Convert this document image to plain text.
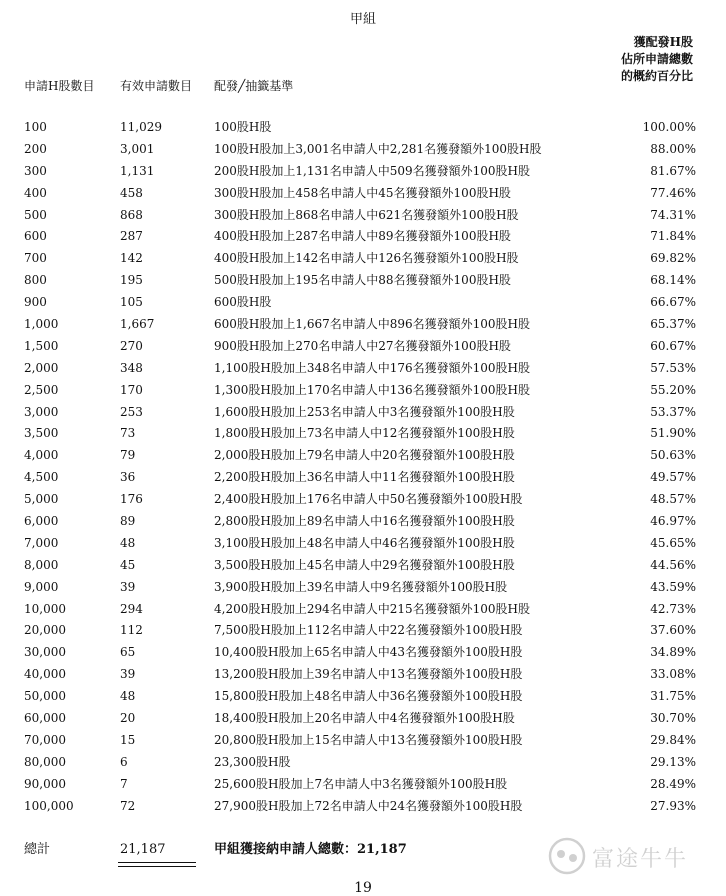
甲組
申請H股數目 有效申請數目 配發╱抽籤基準
獲配發H股
佔所申請總數
的概約百分比
100	11,029	100股H股	100.00%
200	3,001	100股H股加上3,001名申請人中2,281名獲發額外100股H股	88.00%
300	1,131	200股H股加上1,131名申請人中509名獲發額外100股H股	81.67%
400	458	300股H股加上458名申請人中45名獲發額外100股H股	77.46%
500	868	300股H股加上868名申請人中621名獲發額外100股H股	74.31%
600	287	400股H股加上287名申請人中89名獲發額外100股H股	71.84%
700	142	400股H股加上142名申請人中126名獲發額外100股H股	69.82%
800	195	500股H股加上195名申請人中88名獲發額外100股H股	68.14%
900	105	600股H股	66.67%
1,000	1,667	600股H股加上1,667名申請人中896名獲發額外100股H股	65.37%
1,500	270	900股H股加上270名申請人中27名獲發額外100股H股	60.67%
2,000	348	1,100股H股加上348名申請人中176名獲發額外100股H股	57.53%
2,500	170	1,300股H股加上170名申請人中136名獲發額外100股H股	55.20%
3,000	253	1,600股H股加上253名申請人中3名獲發額外100股H股	53.37%
3,500	73	1,800股H股加上73名申請人中12名獲發額外100股H股	51.90%
4,000	79	2,000股H股加上79名申請人中20名獲發額外100股H股	50.63%
4,500	36	2,200股H股加上36名申請人中11名獲發額外100股H股	49.57%
5,000	176	2,400股H股加上176名申請人中50名獲發額外100股H股	48.57%
6,000	89	2,800股H股加上89名申請人中16名獲發額外100股H股	46.97%
7,000	48	3,100股H股加上48名申請人中46名獲發額外100股H股	45.65%
8,000	45	3,500股H股加上45名申請人中29名獲發額外100股H股	44.56%
9,000	39	3,900股H股加上39名申請人中9名獲發額外100股H股	43.59%
10,000	294	4,200股H股加上294名申請人中215名獲發額外100股H股	42.73%
20,000	112	7,500股H股加上112名申請人中22名獲發額外100股H股	37.60%
30,000	65	10,400股H股加上65名申請人中43名獲發額外100股H股	34.89%
40,000	39	13,200股H股加上39名申請人中13名獲發額外100股H股	33.08%
50,000	48	15,800股H股加上48名申請人中36名獲發額外100股H股	31.75%
60,000	20	18,400股H股加上20名申請人中4名獲發額外100股H股	30.70%
70,000	15	20,800股H股加上15名申請人中13名獲發額外100股H股	29.84%
80,000	6	23,300股H股	29.13%
90,000	7	25,600股H股加上7名申請人中3名獲發額外100股H股	28.49%
100,000	72	27,900股H股加上72名申請人中24名獲發額外100股H股	27.93%
總計	21,187	甲組獲接納申請人總數：21,187
19
富途牛牛
